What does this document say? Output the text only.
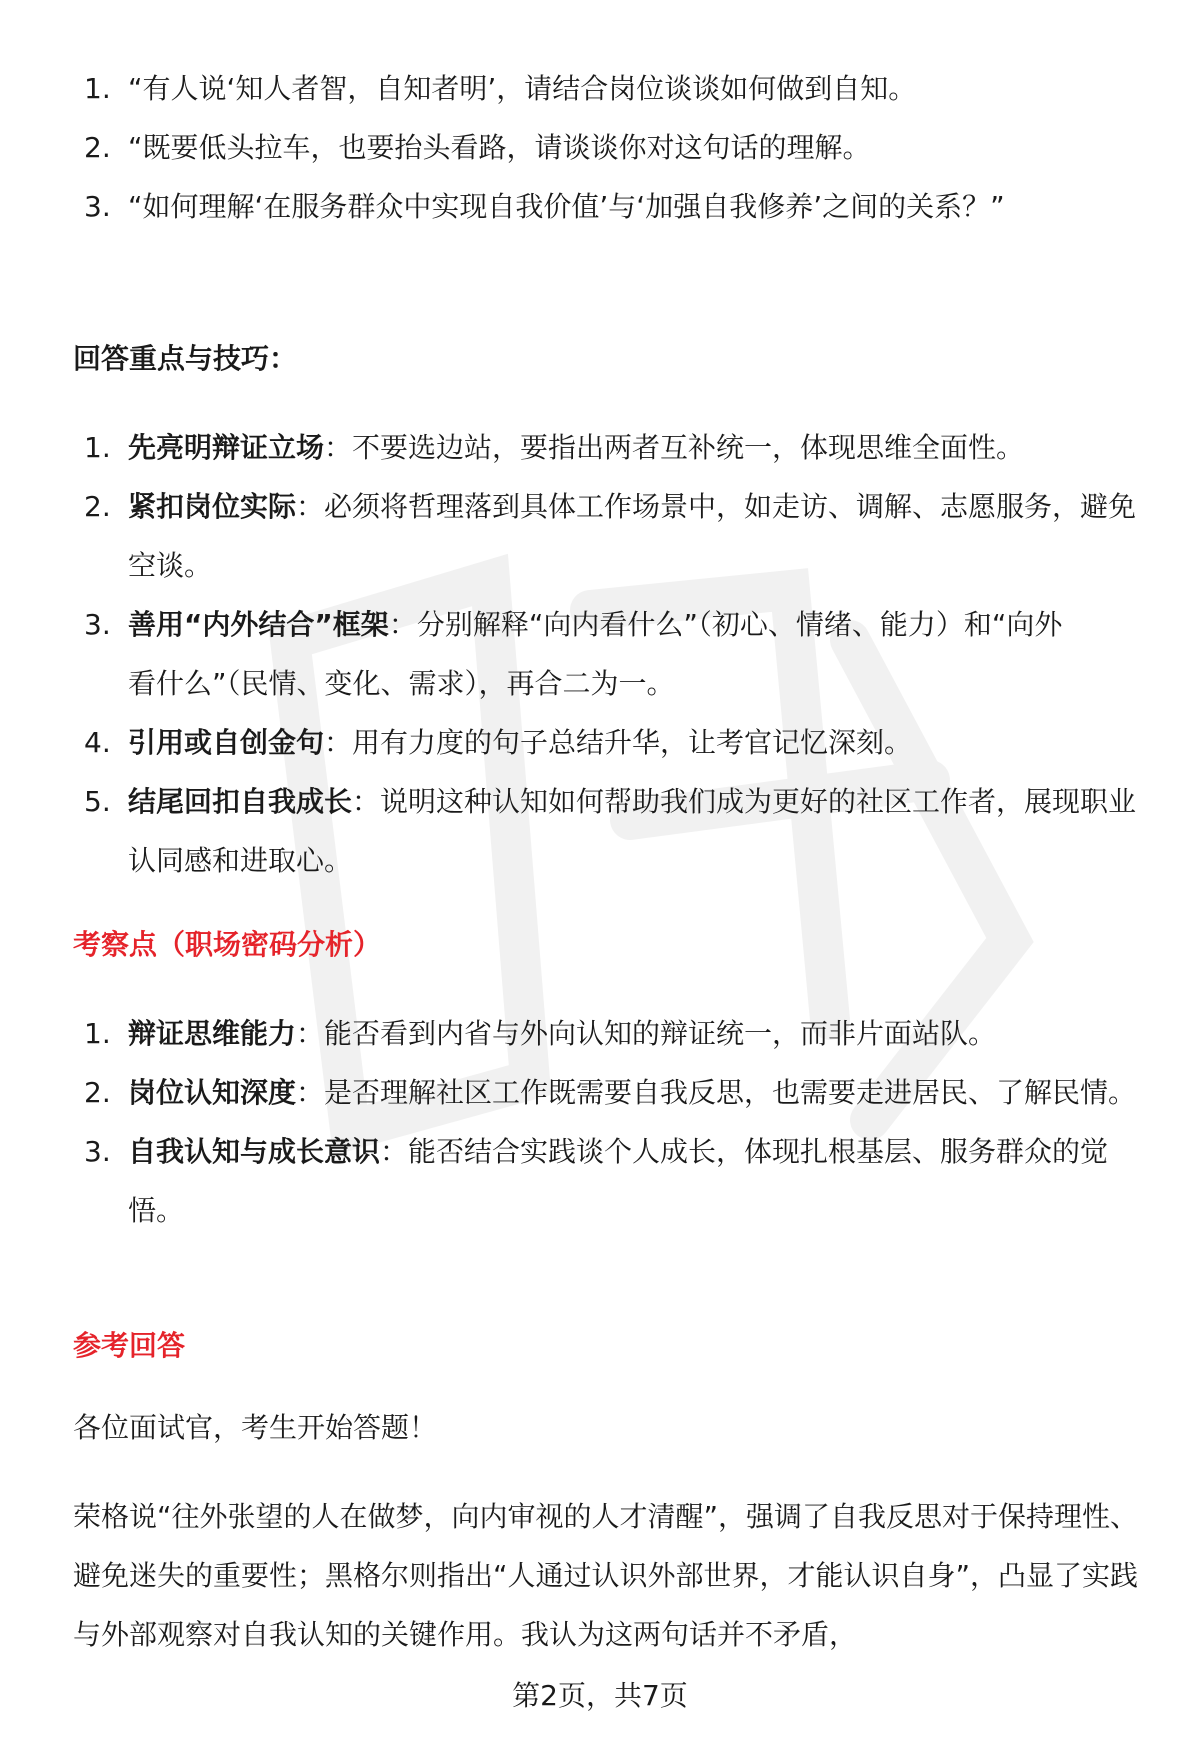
1. “有人说‘知人者智，自知者明’，请结合岗位谈谈如何做到自知。
2. “既要低头拉车，也要抬头看路，请谈谈你对这句话的理解。
3. “如何理解‘在服务群众中实现自我价值’与‘加强自我修养’之间的关系？”
回答重点与技巧：
1. 先亮明辩证立场：不要选边站，要指出两者互补统一，体现思维全面性。
2. 紧扣岗位实际：必须将哲理落到具体工作场景中，如走访、调解、志愿服务，避免空谈。
3. 善用“内外结合”框架：分别解释“向内看什么”（初心、情绪、能力）和“向外看什么”（民情、变化、需求），再合二为一。
4. 引用或自创金句：用有力度的句子总结升华，让考官记忆深刻。
5. 结尾回扣自我成长：说明这种认知如何帮助我们成为更好的社区工作者，展现职业认同感和进取心。
考察点（职场密码分析）
1. 辩证思维能力：能否看到内省与外向认知的辩证统一，而非片面站队。
2. 岗位认知深度：是否理解社区工作既需要自我反思，也需要走进居民、了解民情。
3. 自我认知与成长意识：能否结合实践谈个人成长，体现扎根基层、服务群众的觉悟。
参考回答
各位面试官，考生开始答题！
荣格说“往外张望的人在做梦，向内审视的人才清醒”，强调了自我反思对于保持理性、避免迷失的重要性；黑格尔则指出“人通过认识外部世界，才能认识自身”，凸显了实践与外部观察对自我认知的关键作用。我认为这两句话并不矛盾，
第2页，共7页
